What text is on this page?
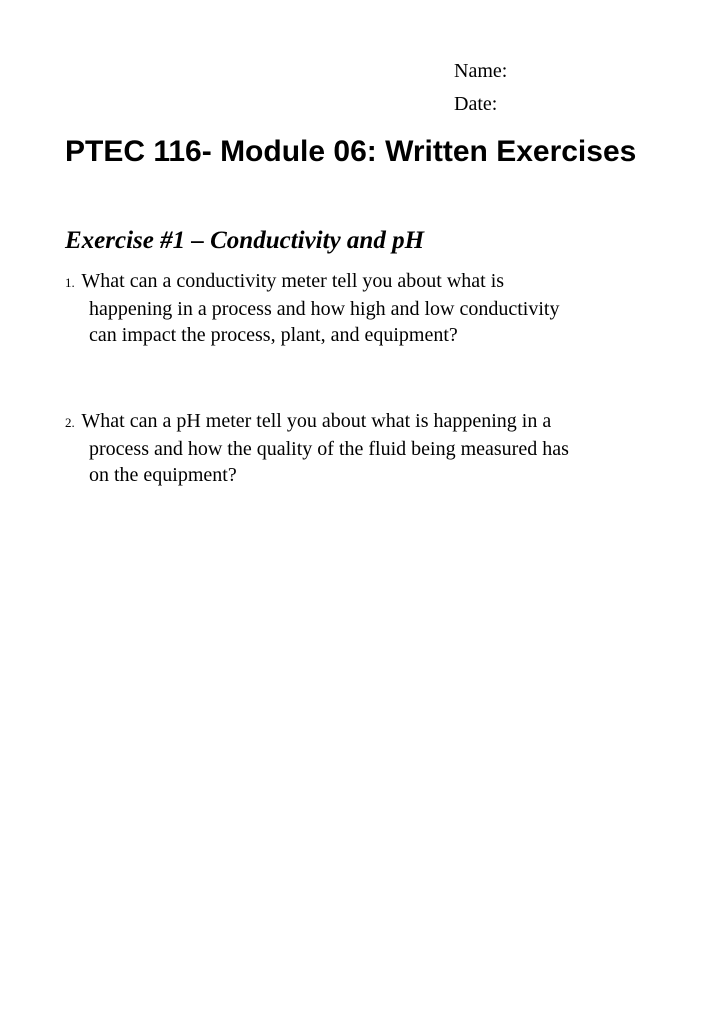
Name:
Date:
PTEC 116- Module 06: Written Exercises
Exercise #1 – Conductivity and pH
1. What can a conductivity meter tell you about what is
happening in a process and how high and low conductivity
can impact the process, plant, and equipment?
2. What can a pH meter tell you about what is happening in a
process and how the quality of the fluid being measured has
on the equipment?
